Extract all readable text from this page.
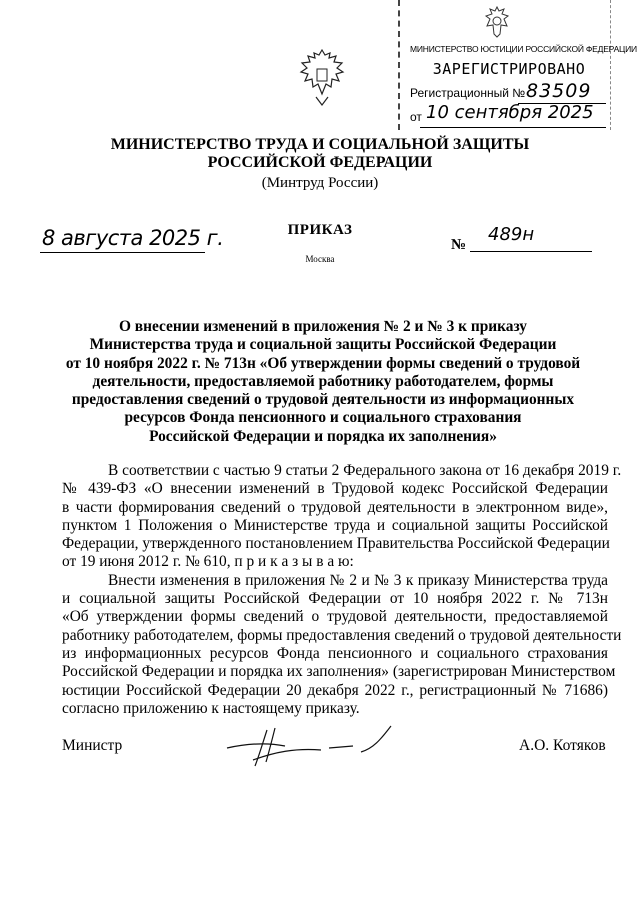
МИНИСТЕРСТВО ЮСТИЦИИ РОССИЙСКОЙ ФЕДЕРАЦИИ
ЗАРЕГИСТРИРОВАНО
Регистрационный № 83509
от 10 сентября 2025
МИНИСТЕРСТВО ТРУДА И СОЦИАЛЬНОЙ ЗАЩИТЫ
РОССИЙСКОЙ ФЕДЕРАЦИИ
(Минтруд России)
8 августа 2025 г.	ПРИКАЗ
Москва
№ 489н
О внесении изменений в приложения № 2 и № 3 к приказу
Министерства труда и социальной защиты Российской Федерации
от 10 ноября 2022 г. № 713н «Об утверждении формы сведений о трудовой
деятельности, предоставляемой работнику работодателем, формы
предоставления сведений о трудовой деятельности из информационных
ресурсов Фонда пенсионного и социального страхования
Российской Федерации и порядка их заполнения»
В соответствии с частью 9 статьи 2 Федерального закона от 16 декабря 2019 г.
№ 439-ФЗ «О внесении изменений в Трудовой кодекс Российской Федерации
в части формирования сведений о трудовой деятельности в электронном виде»,
пунктом 1 Положения о Министерстве труда и социальной защиты Российской
Федерации, утвержденного постановлением Правительства Российской Федерации
от 19 июня 2012 г. № 610, п р и к а з ы в а ю:
Внести изменения в приложения № 2 и № 3 к приказу Министерства труда
и социальной защиты Российской Федерации от 10 ноября 2022 г. № 713н
«Об утверждении формы сведений о трудовой деятельности, предоставляемой
работнику работодателем, формы предоставления сведений о трудовой деятельности
из информационных ресурсов Фонда пенсионного и социального страхования
Российской Федерации и порядка их заполнения» (зарегистрирован Министерством
юстиции Российской Федерации 20 декабря 2022 г., регистрационный № 71686)
согласно приложению к настоящему приказу.
Министр	А.О. Котяков
